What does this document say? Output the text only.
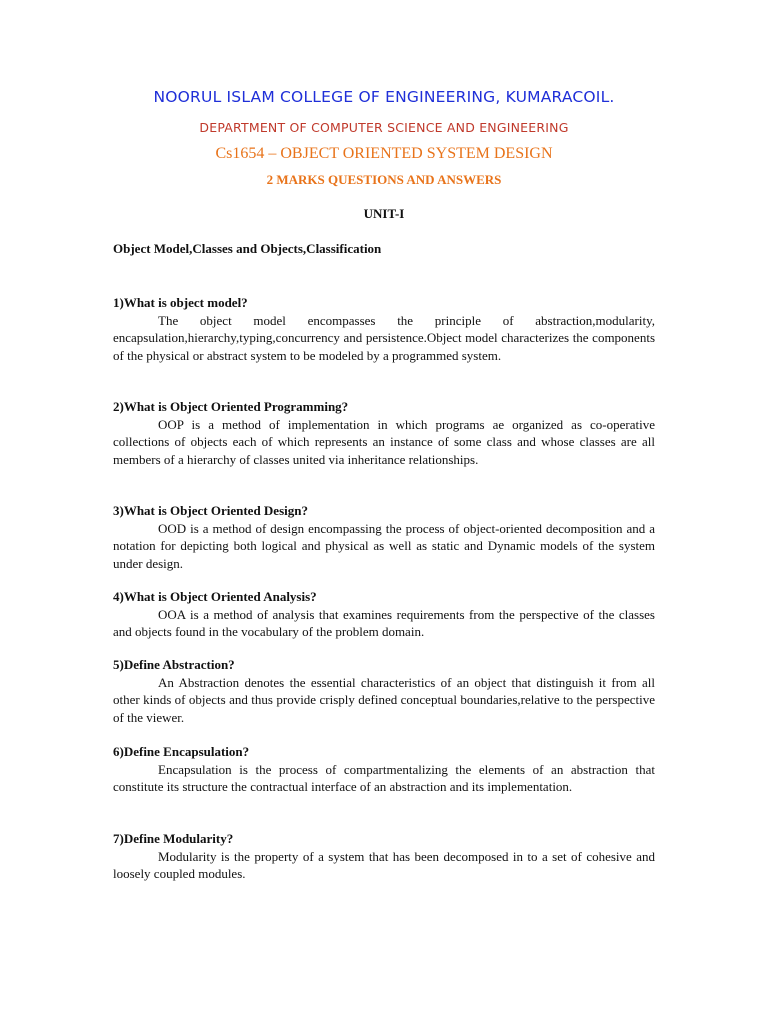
NOORUL ISLAM COLLEGE OF ENGINEERING, KUMARACOIL.
DEPARTMENT OF COMPUTER SCIENCE AND ENGINEERING
Cs1654 – OBJECT ORIENTED SYSTEM DESIGN
2 MARKS QUESTIONS AND ANSWERS
UNIT-I
Object Model,Classes and Objects,Classification
1)What is object model?

The object model encompasses the principle of abstraction,modularity, encapsulation,hierarchy,typing,concurrency and persistence.Object model characterizes the components of the physical or abstract system to be modeled by a programmed system.

2)What is Object Oriented Programming?

OOP is a method of implementation in which programs ae organized as co-operative collections of objects each of which represents an instance of some class and whose classes are all members of a hierarchy of classes united via inheritance relationships.

3)What is Object Oriented Design?

OOD is a method of design encompassing the process of object-oriented decomposition and a notation for depicting both logical and physical as well as static and Dynamic models of the system under design.

4)What is Object Oriented Analysis?

OOA is a method of analysis that examines requirements from the perspective of the classes and objects found in the vocabulary of the problem domain.

5)Define Abstraction?

An Abstraction denotes the essential characteristics of an object that distinguish it from all other kinds of objects and thus provide crisply defined conceptual boundaries,relative to the perspective of the viewer.

6)Define Encapsulation?

Encapsulation is the process of compartmentalizing the elements of an abstraction that constitute its structure the contractual interface of an abstraction and its implementation.

7)Define Modularity?

Modularity is the property of a system that has been decomposed in to a set of cohesive and loosely coupled modules.
